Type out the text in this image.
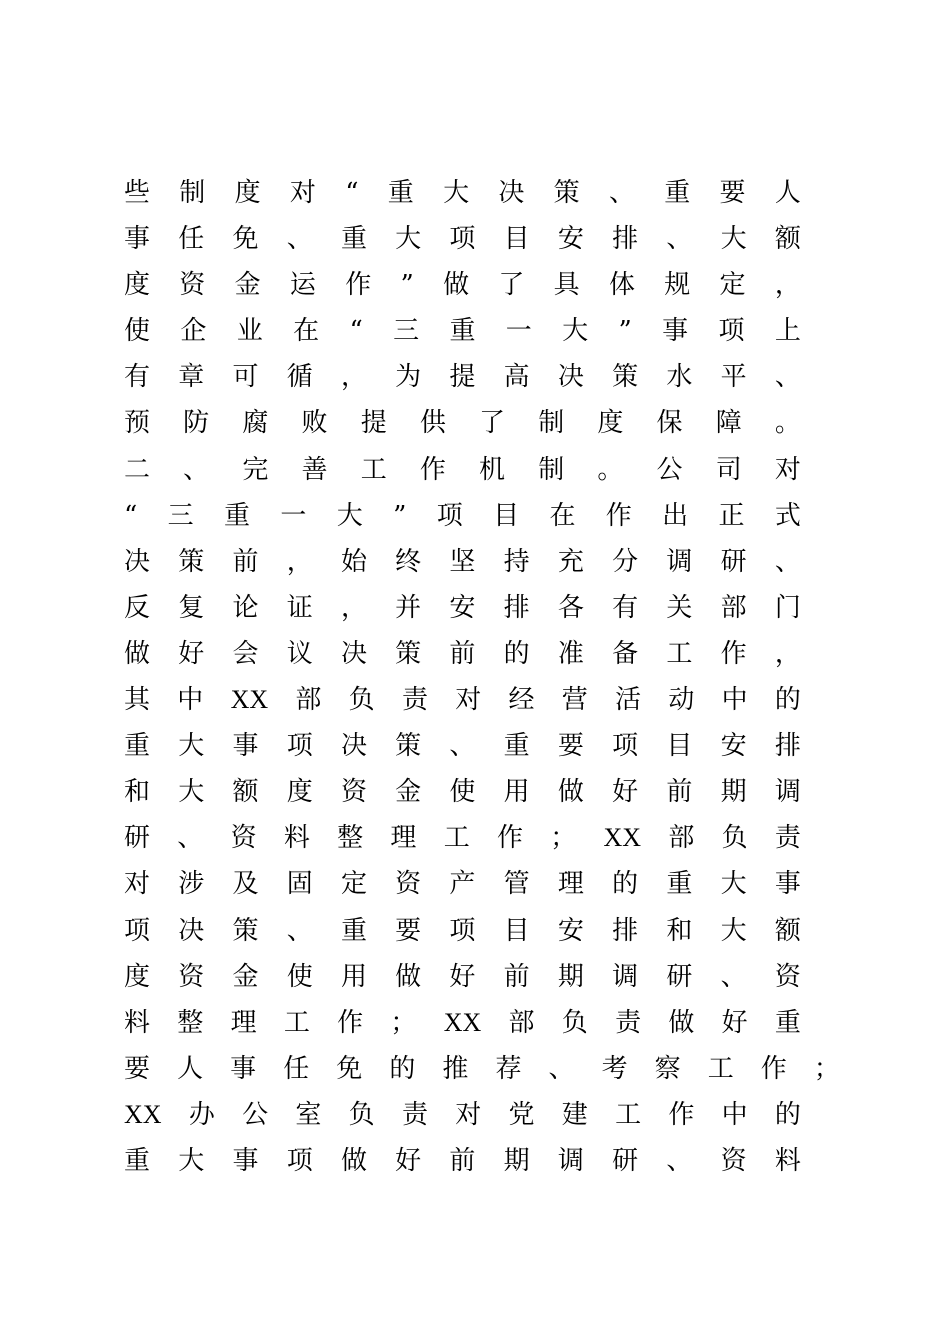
些 制 度 对 “ 重 大 决 策 、 重 要 人
事 任 免 、 重 大 项 目 安 排 、 大 额
度 资 金 运 作 ” 做 了 具 体 规 定 ，
使 企 业 在 “ 三 重 一 大 ” 事 项 上
有 章 可 循 ， 为 提 高 决 策 水 平 、
预 防 腐 败 提 供 了 制 度 保 障 。
二 、 完 善 工 作 机 制 。 公 司 对
“ 三 重 一 大 ” 项 目 在 作 出 正 式
决 策 前 ， 始 终 坚 持 充 分 调 研 、
反 复 论 证 ， 并 安 排 各 有 关 部 门
做 好 会 议 决 策 前 的 准 备 工 作 ，
其 中 XX 部 负 责 对 经 营 活 动 中 的
重 大 事 项 决 策 、 重 要 项 目 安 排
和 大 额 度 资 金 使 用 做 好 前 期 调
研 、 资 料 整 理 工 作 ； XX 部 负 责
对 涉 及 固 定 资 产 管 理 的 重 大 事
项 决 策 、 重 要 项 目 安 排 和 大 额
度 资 金 使 用 做 好 前 期 调 研 、 资
料 整 理 工 作 ； XX 部 负 责 做 好 重
要 人 事 任 免 的 推 荐 、 考 察 工 作 ；
XX 办 公 室 负 责 对 党 建 工 作 中 的
重 大 事 项 做 好 前 期 调 研 、 资 料
